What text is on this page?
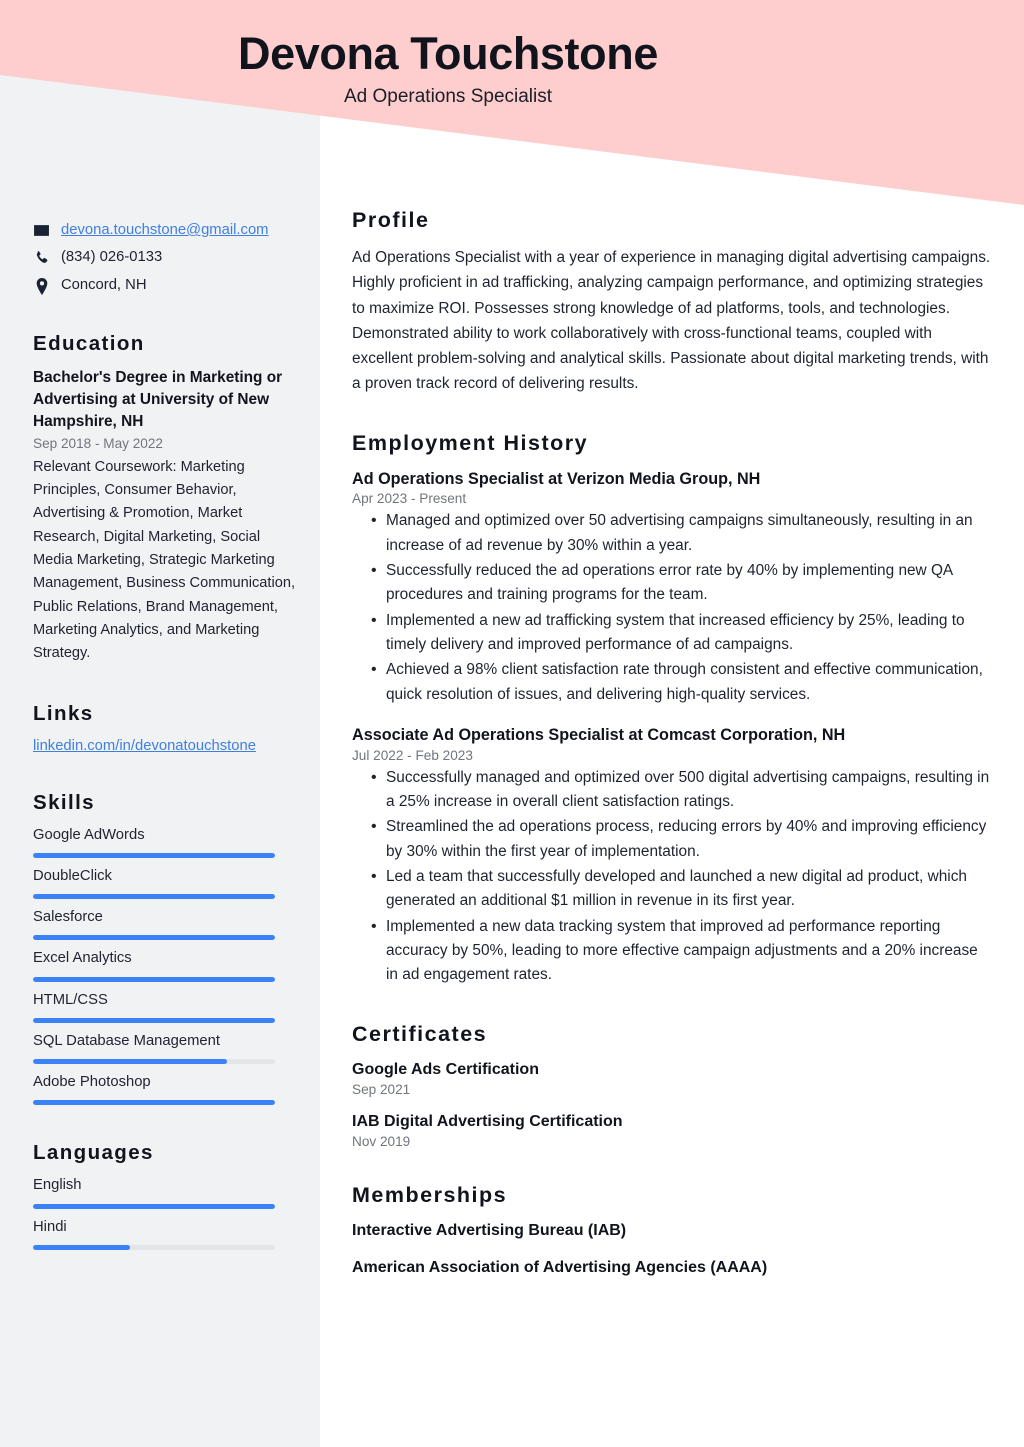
Devona Touchstone
Ad Operations Specialist
devona.touchstone@gmail.com
(834) 026-0133
Concord, NH
Education
Bachelor's Degree in Marketing or Advertising at University of New Hampshire, NH
Sep 2018 - May 2022
Relevant Coursework: Marketing Principles, Consumer Behavior, Advertising & Promotion, Market Research, Digital Marketing, Social Media Marketing, Strategic Marketing Management, Business Communication, Public Relations, Brand Management, Marketing Analytics, and Marketing Strategy.
Links
linkedin.com/in/devonatouchstone
Skills
Google AdWords
DoubleClick
Salesforce
Excel Analytics
HTML/CSS
SQL Database Management
Adobe Photoshop
Languages
English
Hindi
Profile
Ad Operations Specialist with a year of experience in managing digital advertising campaigns. Highly proficient in ad trafficking, analyzing campaign performance, and optimizing strategies to maximize ROI. Possesses strong knowledge of ad platforms, tools, and technologies. Demonstrated ability to work collaboratively with cross-functional teams, coupled with excellent problem-solving and analytical skills. Passionate about digital marketing trends, with a proven track record of delivering results.
Employment History
Ad Operations Specialist at Verizon Media Group, NH
Apr 2023 - Present
• Managed and optimized over 50 advertising campaigns simultaneously, resulting in an increase of ad revenue by 30% within a year.
• Successfully reduced the ad operations error rate by 40% by implementing new QA procedures and training programs for the team.
• Implemented a new ad trafficking system that increased efficiency by 25%, leading to timely delivery and improved performance of ad campaigns.
• Achieved a 98% client satisfaction rate through consistent and effective communication, quick resolution of issues, and delivering high-quality services.
Associate Ad Operations Specialist at Comcast Corporation, NH
Jul 2022 - Feb 2023
• Successfully managed and optimized over 500 digital advertising campaigns, resulting in a 25% increase in overall client satisfaction ratings.
• Streamlined the ad operations process, reducing errors by 40% and improving efficiency by 30% within the first year of implementation.
• Led a team that successfully developed and launched a new digital ad product, which generated an additional $1 million in revenue in its first year.
• Implemented a new data tracking system that improved ad performance reporting accuracy by 50%, leading to more effective campaign adjustments and a 20% increase in ad engagement rates.
Certificates
Google Ads Certification
Sep 2021
IAB Digital Advertising Certification
Nov 2019
Memberships
Interactive Advertising Bureau (IAB)
American Association of Advertising Agencies (AAAA)
